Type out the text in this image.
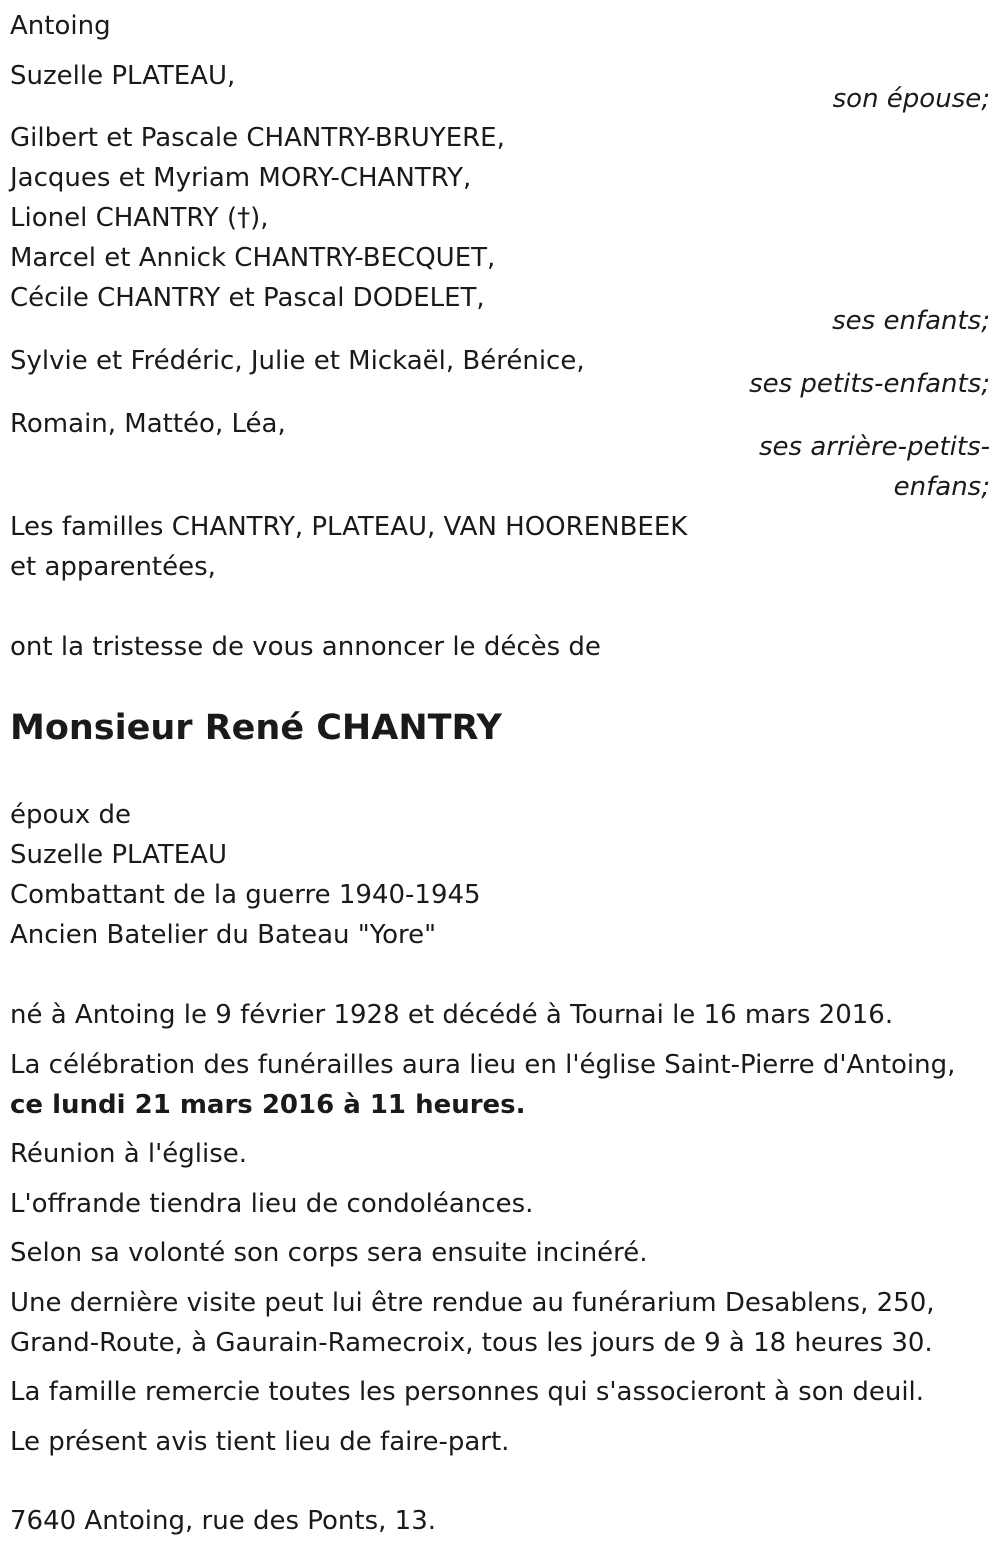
Antoing
Suzelle PLATEAU,
son épouse;
Gilbert et Pascale CHANTRY-BRUYERE,
Jacques et Myriam MORY-CHANTRY,
Lionel CHANTRY (†),
Marcel et Annick CHANTRY-BECQUET,
Cécile CHANTRY et Pascal DODELET,
ses enfants;
Sylvie et Frédéric, Julie et Mickaël, Bérénice,
ses petits-enfants;
Romain, Mattéo, Léa,
ses arrière-petits-
enfans;
Les familles CHANTRY, PLATEAU, VAN HOORENBEEK
et apparentées,
ont la tristesse de vous annoncer le décès de
Monsieur René CHANTRY
époux de
Suzelle PLATEAU
Combattant de la guerre 1940-1945
Ancien Batelier du Bateau "Yore"
né à Antoing le 9 février 1928 et décédé à Tournai le 16 mars 2016.
La célébration des funérailles aura lieu en l'église Saint-Pierre d'Antoing,
ce lundi 21 mars 2016 à 11 heures.
Réunion à l'église.
L'offrande tiendra lieu de condoléances.
Selon sa volonté son corps sera ensuite incinéré.
Une dernière visite peut lui être rendue au funérarium Desablens, 250,
Grand-Route, à Gaurain-Ramecroix, tous les jours de 9 à 18 heures 30.
La famille remercie toutes les personnes qui s'associeront à son deuil.
Le présent avis tient lieu de faire-part.
7640 Antoing, rue des Ponts, 13.
